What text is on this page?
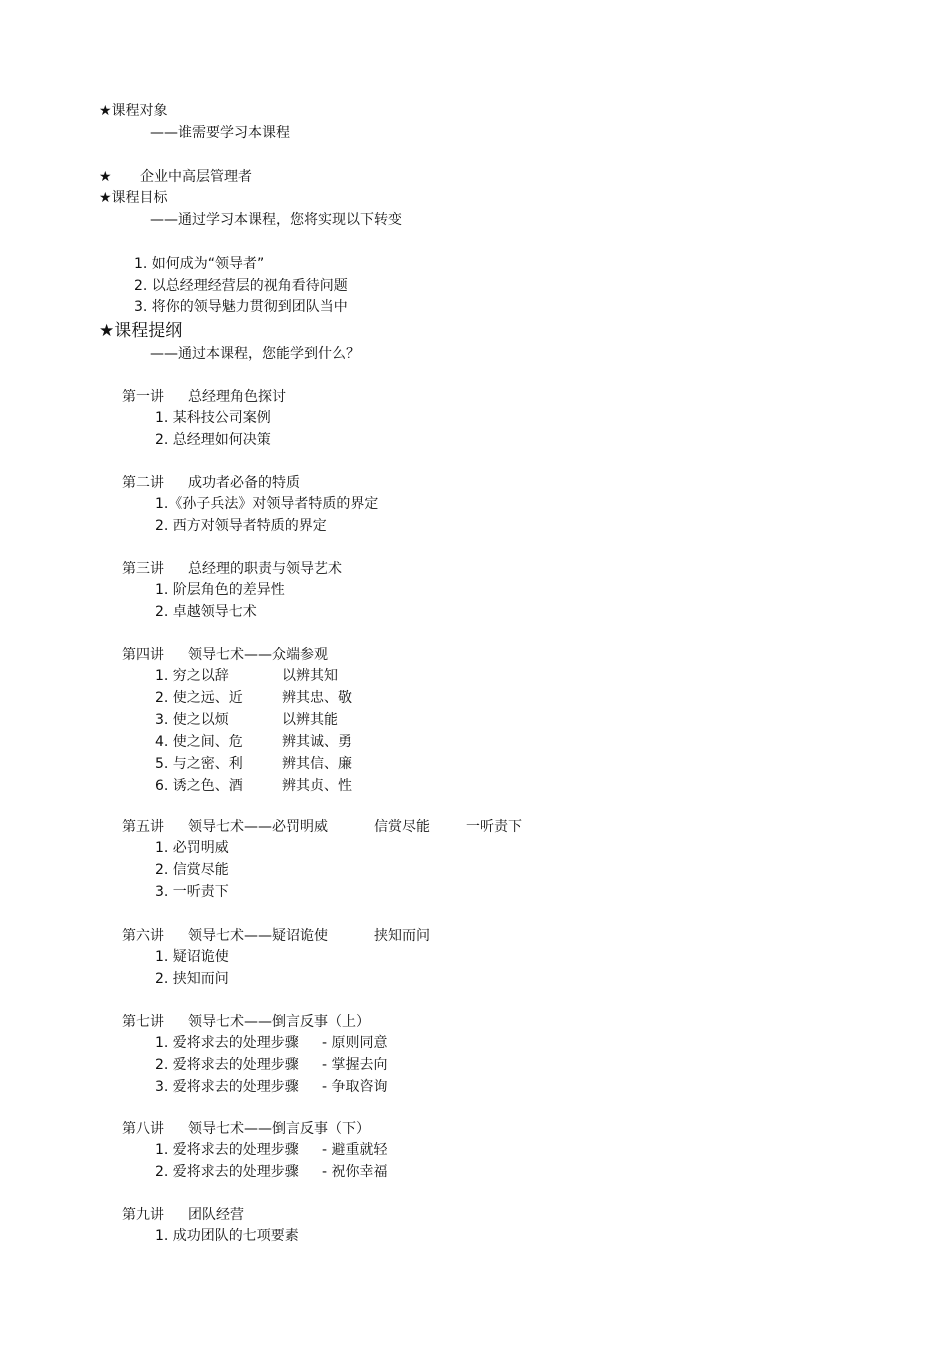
★课程对象
——谁需要学习本课程
★ 企业中高层管理者
★课程目标
——通过学习本课程，您将实现以下转变
1. 如何成为“领导者”
2. 以总经理经营层的视角看待问题
3. 将你的领导魅力贯彻到团队当中
★课程提纲
——通过本课程，您能学到什么？
第一讲 总经理角色探讨
1. 某科技公司案例
2. 总经理如何决策
第二讲 成功者必备的特质
1.《孙子兵法》对领导者特质的界定
2. 西方对领导者特质的界定
第三讲 总经理的职责与领导艺术
1. 阶层角色的差异性
2. 卓越领导七术
第四讲 领导七术——众端参观
1. 穷之以辞	以辨其知
2. 使之远、近	辨其忠、敬
3. 使之以烦	以辨其能
4. 使之间、危	辨其诚、勇
5. 与之密、利	辨其信、廉
6. 诱之色、酒	辨其贞、性
第五讲 领导七术——必罚明威	信赏尽能	一听责下
1. 必罚明威
2. 信赏尽能
3. 一听责下
第六讲 领导七术——疑诏诡使	挟知而问
1. 疑诏诡使
2. 挟知而问
第七讲 领导七术——倒言反事（上）
1. 爱将求去的处理步骤 - 原则同意
2. 爱将求去的处理步骤 - 掌握去向
3. 爱将求去的处理步骤 - 争取咨询
第八讲 领导七术——倒言反事（下）
1. 爱将求去的处理步骤 - 避重就轻
2. 爱将求去的处理步骤 - 祝你幸福
第九讲 团队经营
1. 成功团队的七项要素
